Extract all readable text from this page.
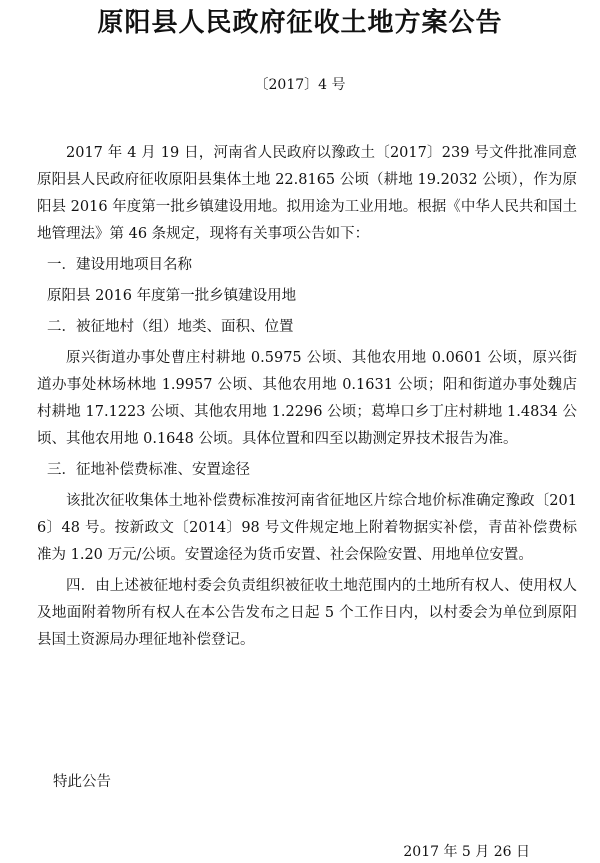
原阳县人民政府征收土地方案公告
〔2017〕4 号

2017 年 4 月 19 日，河南省人民政府以豫政土〔2017〕239 号文件批准同意原阳县人民政府征收原阳县集体土地 22.8165 公顷（耕地 19.2032 公顷），作为原阳县 2016 年度第一批乡镇建设用地。拟用途为工业用地。根据《中华人民共和国土地管理法》第 46 条规定，现将有关事项公告如下：

一．建设用地项目名称

原阳县 2016 年度第一批乡镇建设用地

二．被征地村（组）地类、面积、位置

原兴街道办事处曹庄村耕地 0.5975 公顷、其他农用地 0.0601 公顷，原兴街道办事处林场林地 1.9957 公顷、其他农用地 0.1631 公顷；阳和街道办事处魏店村耕地 17.1223 公顷、其他农用地 1.2296 公顷；葛埠口乡丁庄村耕地 1.4834 公顷、其他农用地 0.1648 公顷。具体位置和四至以勘测定界技术报告为准。

三．征地补偿费标准、安置途径

该批次征收集体土地补偿费标准按河南省征地区片综合地价标准确定豫政〔2016〕48 号。按新政文〔2014〕98 号文件规定地上附着物据实补偿，青苗补偿费标准为 1.20 万元/公顷。安置途径为货币安置、社会保险安置、用地单位安置。

四．由上述被征地村委会负责组织被征收土地范围内的土地所有权人、使用权人及地面附着物所有权人在本公告发布之日起 5 个工作日内，以村委会为单位到原阳县国土资源局办理征地补偿登记。

特此公告
2017 年 5 月 26 日
